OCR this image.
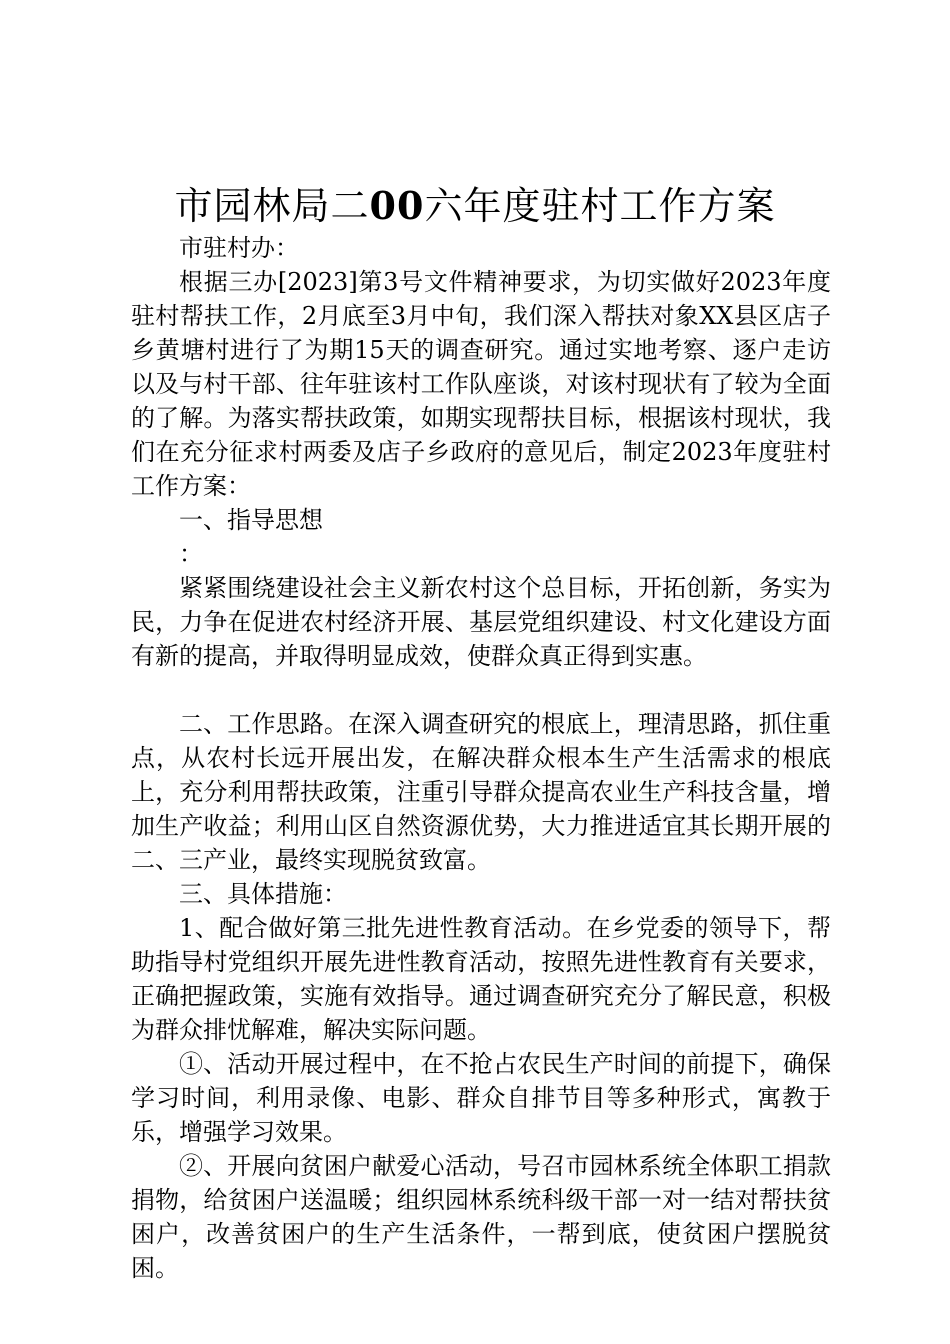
市园林局二00六年度驻村工作方案

市驻村办：

根据三办[2023]第3号文件精神要求，为切实做好2023年度驻村帮扶工作，2月底至3月中旬，我们深入帮扶对象XX县区店子乡黄塘村进行了为期15天的调查研究。通过实地考察、逐户走访以及与村干部、往年驻该村工作队座谈，对该村现状有了较为全面的了解。为落实帮扶政策，如期实现帮扶目标，根据该村现状，我们在充分征求村两委及店子乡政府的意见后，制定2023年度驻村工作方案：

一、指导思想

：

紧紧围绕建设社会主义新农村这个总目标，开拓创新，务实为民，力争在促进农村经济开展、基层党组织建设、村文化建设方面有新的提高，并取得明显成效，使群众真正得到实惠。

二、工作思路。在深入调查研究的根底上，理清思路，抓住重点，从农村长远开展出发，在解决群众根本生产生活需求的根底上，充分利用帮扶政策，注重引导群众提高农业生产科技含量，增加生产收益；利用山区自然资源优势，大力推进适宜其长期开展的二、三产业，最终实现脱贫致富。

三、具体措施：

1、配合做好第三批先进性教育活动。在乡党委的领导下，帮助指导村党组织开展先进性教育活动，按照先进性教育有关要求，正确把握政策，实施有效指导。通过调查研究充分了解民意，积极为群众排忧解难，解决实际问题。

①、活动开展过程中，在不抢占农民生产时间的前提下，确保学习时间，利用录像、电影、群众自排节目等多种形式，寓教于乐，增强学习效果。

②、开展向贫困户献爱心活动，号召市园林系统全体职工捐款捐物，给贫困户送温暖；组织园林系统科级干部一对一结对帮扶贫困户，改善贫困户的生产生活条件，一帮到底，使贫困户摆脱贫困。
